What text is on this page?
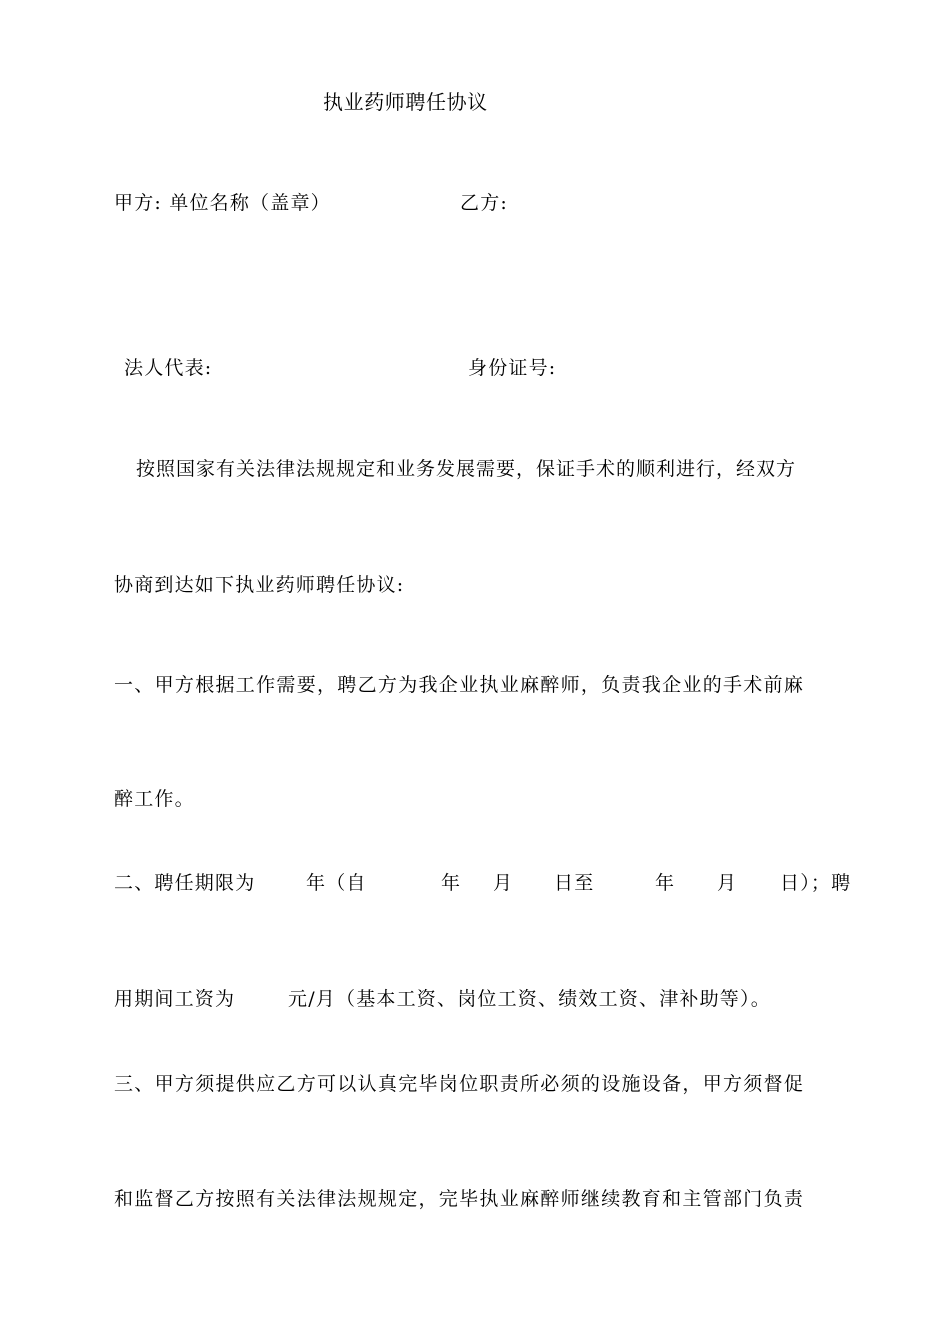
执业药师聘任协议
甲方: 单位名称（盖章）	乙方:
法人代表:	身份证号:
按照国家有关法律法规规定和业务发展需要，保证手术的顺利进行，经双方
协商到达如下执业药师聘任协议:
一、甲方根据工作需要，聘乙方为我企业执业麻醉师，负责我企业的手术前麻
醉工作。
二、聘任期限为	年（自	年 月 日至	年 月 日）；聘
用期间工资为	元/月（基本工资、岗位工资、绩效工资、津补助等）。
三、甲方须提供应乙方可以认真完毕岗位职责所必须的设施设备，甲方须督促
和监督乙方按照有关法律法规规定，完毕执业麻醉师继续教育和主管部门负责
